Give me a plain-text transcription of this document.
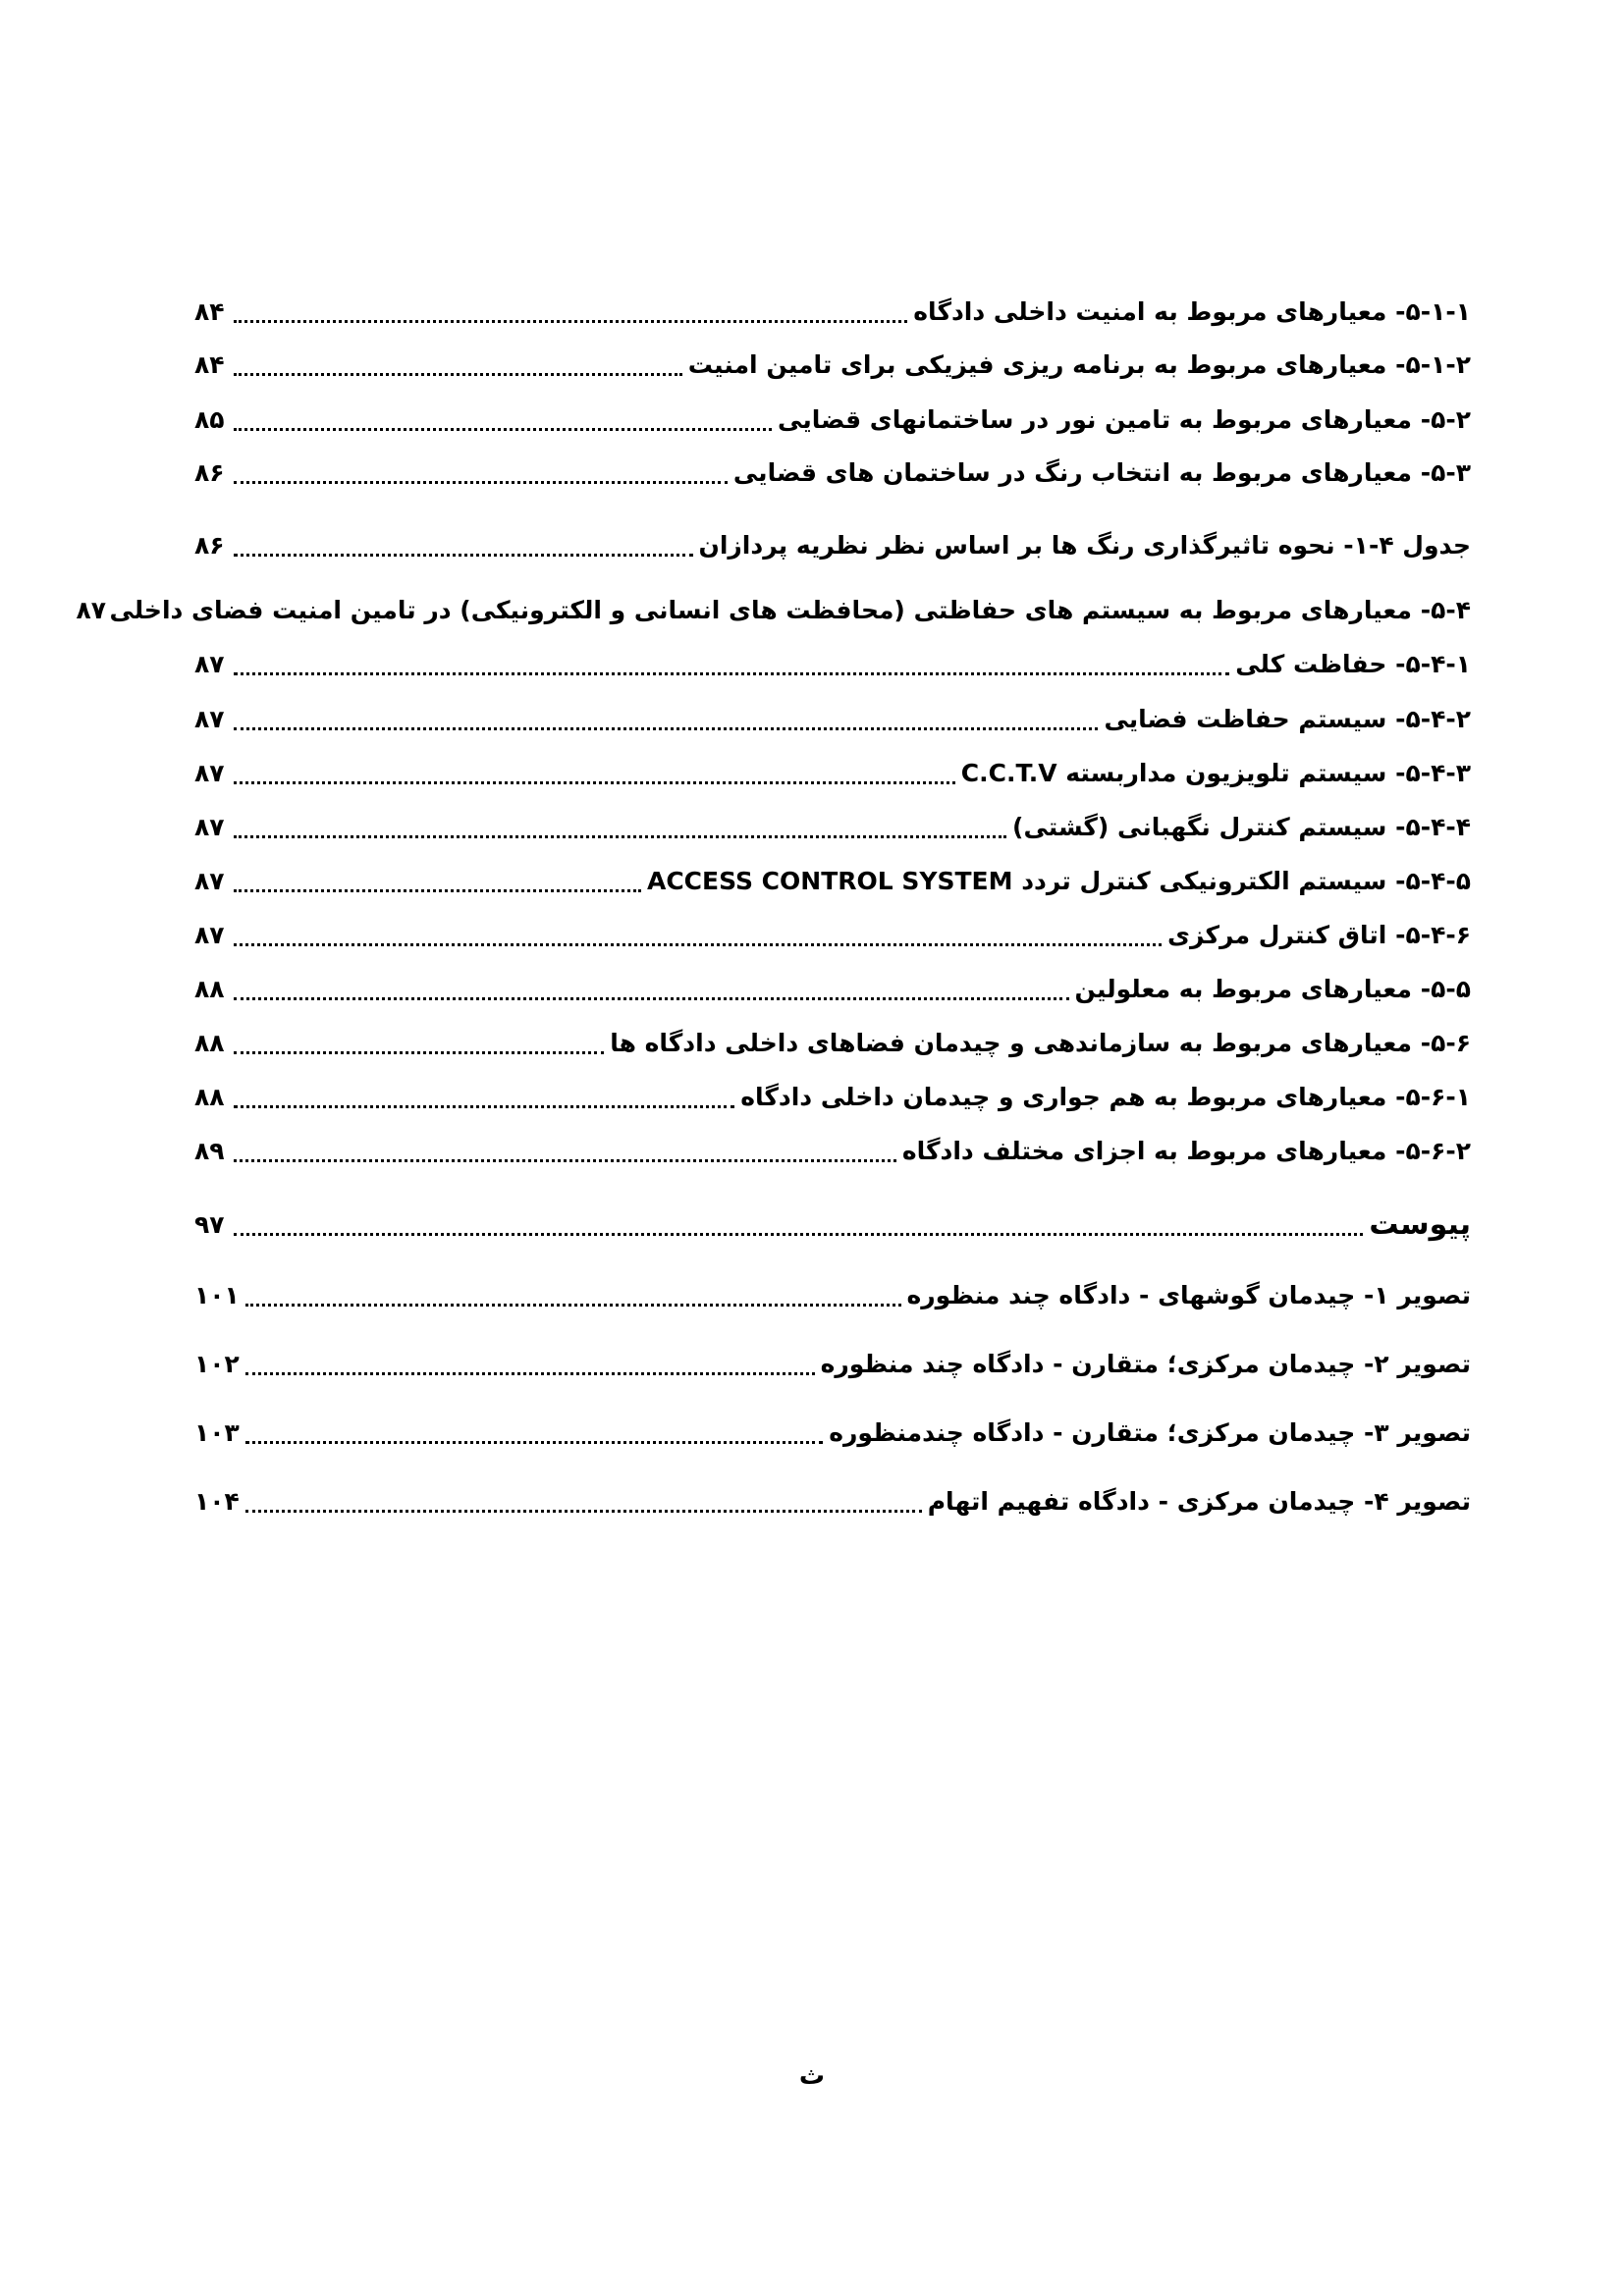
۵-۱-۱- معیارهای مربوط به امنیت داخلی دادگاه
۸۴
۵-۱-۲- معیارهای مربوط به برنامه ریزی فیزیکی برای تامین امنیت
۸۴
۵-۲- معیارهای مربوط به تامین نور در ساختمانهای قضایی
۸۵
۵-۳- معیارهای مربوط به انتخاب رنگ در ساختمان های قضایی
۸۶
جدول ۴-۱- نحوه تاثیرگذاری رنگ ها بر اساس نظر نظریه پردازان
۸۶
۵-۴- معیارهای مربوط به سیستم های حفاظتی (محافظت های انسانی و الکترونیکی) در تامین امنیت فضای داخلی
۸۷
۵-۴-۱- حفاظت کلی
۸۷
۵-۴-۲- سیستم حفاظت فضایی
۸۷
۵-۴-۳- سیستم تلویزیون مداربسته C.C.T.V
۸۷
۵-۴-۴- سیستم کنترل نگهبانی (گشتی)
۸۷
۵-۴-۵- سیستم الکترونیکی کنترل تردد ACCESS CONTROL SYSTEM
۸۷
۵-۴-۶- اتاق کنترل مرکزی
۸۷
۵-۵- معیارهای مربوط به معلولین
۸۸
۵-۶- معیارهای مربوط به سازماندهی و چیدمان فضاهای داخلی دادگاه ها
۸۸
۵-۶-۱- معیارهای مربوط به هم جواری و چیدمان داخلی دادگاه
۸۸
۵-۶-۲- معیارهای مربوط به اجزای مختلف دادگاه
۸۹
پیوست
۹۷
تصویر ۱- چیدمان گوشهای - دادگاه چند منظوره
۱۰۱
تصویر ۲- چیدمان مرکزی؛ متقارن - دادگاه چند منظوره
۱۰۲
تصویر ۳- چیدمان مرکزی؛ متقارن - دادگاه چندمنظوره
۱۰۳
تصویر ۴- چیدمان مرکزی - دادگاه تفهیم اتهام
۱۰۴
ث
